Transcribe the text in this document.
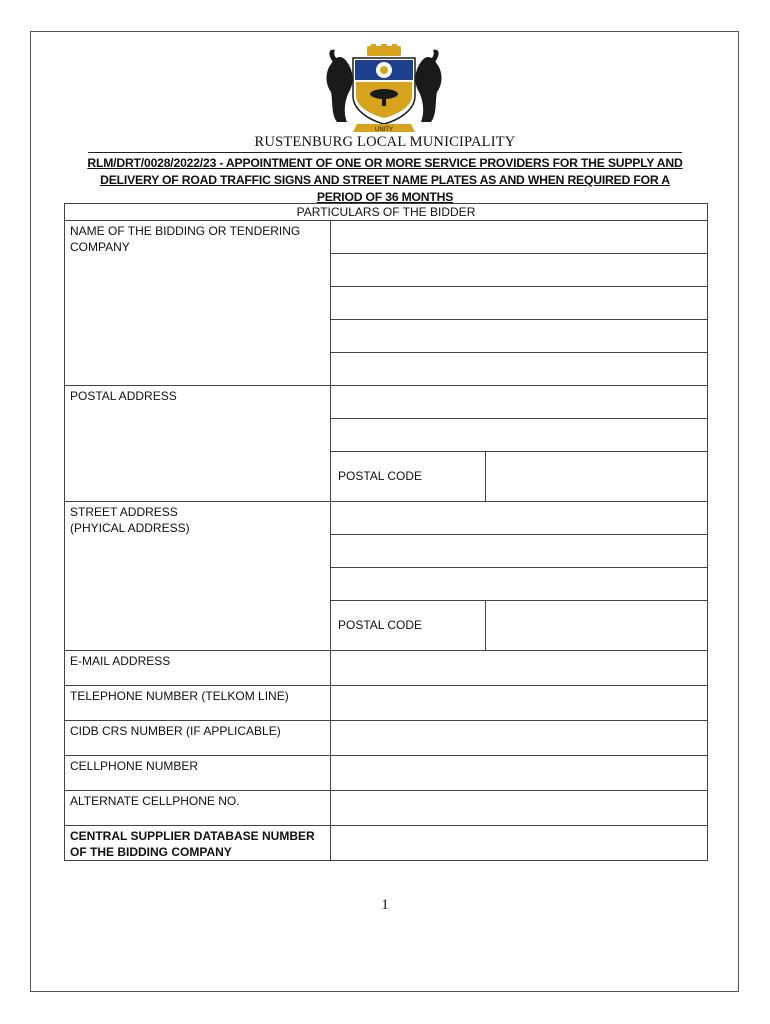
UNITY
RUSTENBURG LOCAL MUNICIPALITY
RLM/DRT/0028/2022/23 - APPOINTMENT OF ONE OR MORE SERVICE PROVIDERS FOR THE SUPPLY AND DELIVERY OF ROAD TRAFFIC SIGNS AND STREET NAME PLATES AS AND WHEN REQUIRED FOR A PERIOD OF 36 MONTHS
PARTICULARS OF THE BIDDER		
NAME OF THE BIDDING OR TENDERING COMPANY		

POSTAL ADDRESS		

	POSTAL CODE	

STREET ADDRESS
(PHYICAL ADDRESS)		

	POSTAL CODE	
E-MAIL ADDRESS		
TELEPHONE NUMBER (TELKOM LINE)		
CIDB CRS NUMBER (IF APPLICABLE)		
CELLPHONE NUMBER		
ALTERNATE CELLPHONE NO.		
CENTRAL SUPPLIER DATABASE NUMBER OF THE BIDDING COMPANY		
1
